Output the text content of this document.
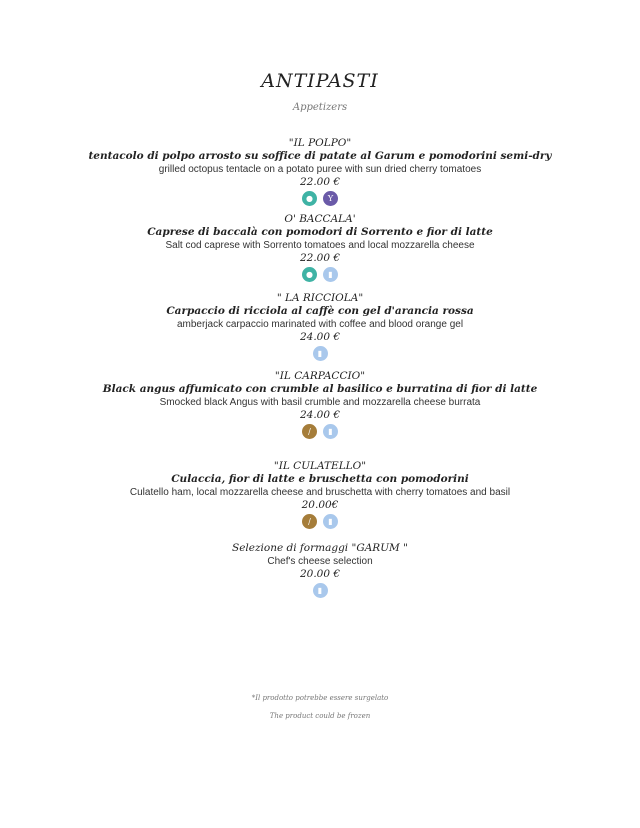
ANTIPASTI
Appetizers
"IL POLPO"
tentacolo di polpo arrosto su soffice di patate al Garum e pomodorini semi-dry
grilled octopus tentacle on a potato puree with sun dried cherry tomatoes
22.00 €
●	Y
O' BACCALA'
Caprese di baccalà con pomodori di Sorrento e fior di latte
Salt cod caprese with Sorrento tomatoes and local mozzarella cheese
22.00 €
●	▮
" LA RICCIOLA"
Carpaccio di ricciola al caffè con gel d'arancia rossa
amberjack carpaccio marinated with coffee and blood orange gel
24.00 €
▮
"IL CARPACCIO"
Black angus affumicato con crumble al basilico e burratina di fior di latte
Smocked black Angus with basil crumble and mozzarella cheese burrata
24.00 €
/	▮
"IL CULATELLO"
Culaccia, fior di latte e bruschetta con pomodorini
Culatello ham, local mozzarella cheese and bruschetta with cherry tomatoes and basil
20.00€
/	▮
Selezione di formaggi "GARUM "
Chef's cheese selection
20.00 €
▮
*Il prodotto potrebbe essere surgelato
The product could be frozen
